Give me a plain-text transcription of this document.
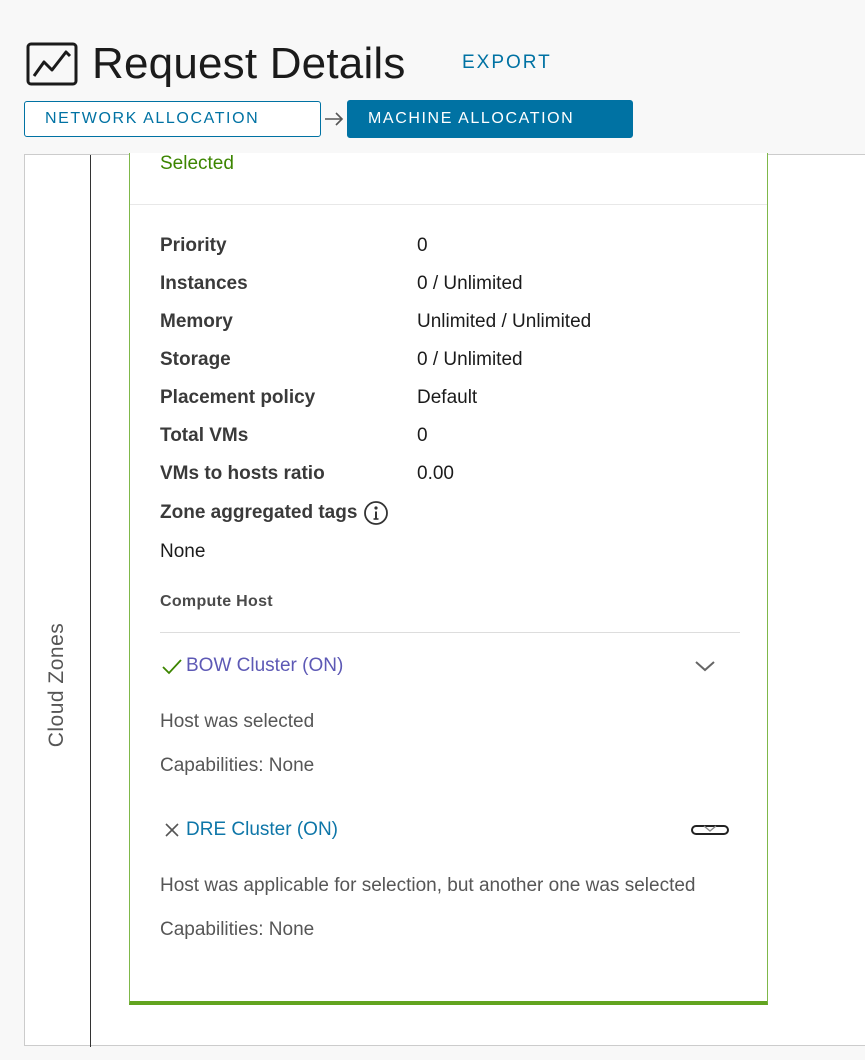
Request Details	EXPORT
NETWORK ALLOCATION	MACHINE ALLOCATION
Cloud Zones
Selected
Priority	0
Instances	0 / Unlimited
Memory	Unlimited / Unlimited
Storage	0 / Unlimited
Placement policy	Default
Total VMs	0
VMs to hosts ratio	0.00
Zone aggregated tags
None
Compute Host
BOW Cluster (ON)
Host was selected
Capabilities: None
DRE Cluster (ON)
Host was applicable for selection, but another one was selected
Capabilities: None
